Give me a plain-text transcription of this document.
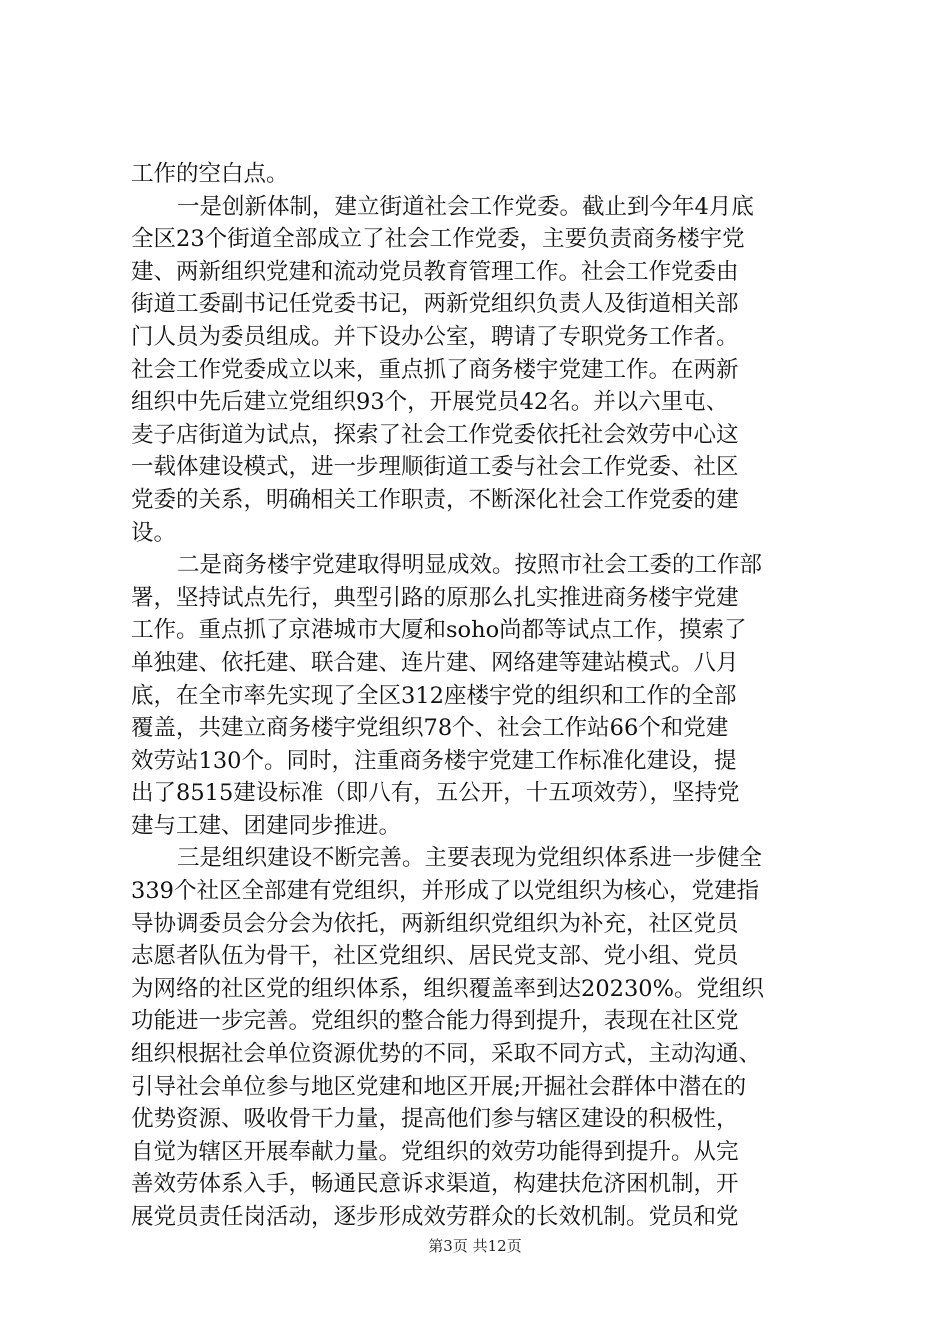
工作的空白点。
一是创新体制，建立街道社会工作党委。截止到今年4月底
全区23个街道全部成立了社会工作党委，主要负责商务楼宇党
建、两新组织党建和流动党员教育管理工作。社会工作党委由
街道工委副书记任党委书记，两新党组织负责人及街道相关部
门人员为委员组成。并下设办公室，聘请了专职党务工作者。
社会工作党委成立以来，重点抓了商务楼宇党建工作。在两新
组织中先后建立党组织93个，开展党员42名。并以六里屯、
麦子店街道为试点，探索了社会工作党委依托社会效劳中心这
一载体建设模式，进一步理顺街道工委与社会工作党委、社区
党委的关系，明确相关工作职责，不断深化社会工作党委的建
设。
二是商务楼宇党建取得明显成效。按照市社会工委的工作部
署，坚持试点先行，典型引路的原那么扎实推进商务楼宇党建
工作。重点抓了京港城市大厦和soho尚都等试点工作，摸索了
单独建、依托建、联合建、连片建、网络建等建站模式。八月
底，在全市率先实现了全区312座楼宇党的组织和工作的全部
覆盖，共建立商务楼宇党组织78个、社会工作站66个和党建
效劳站130个。同时，注重商务楼宇党建工作标准化建设，提
出了8515建设标准（即八有，五公开，十五项效劳），坚持党
建与工建、团建同步推进。
三是组织建设不断完善。主要表现为党组织体系进一步健全
339个社区全部建有党组织，并形成了以党组织为核心，党建指
导协调委员会分会为依托，两新组织党组织为补充，社区党员
志愿者队伍为骨干，社区党组织、居民党支部、党小组、党员
为网络的社区党的组织体系，组织覆盖率到达20230%。党组织
功能进一步完善。党组织的整合能力得到提升，表现在社区党
组织根据社会单位资源优势的不同，采取不同方式，主动沟通、
引导社会单位参与地区党建和地区开展;开掘社会群体中潜在的
优势资源、吸收骨干力量，提高他们参与辖区建设的积极性，
自觉为辖区开展奉献力量。党组织的效劳功能得到提升。从完
善效劳体系入手，畅通民意诉求渠道，构建扶危济困机制，开
展党员责任岗活动，逐步形成效劳群众的长效机制。党员和党
第3页 共12页
